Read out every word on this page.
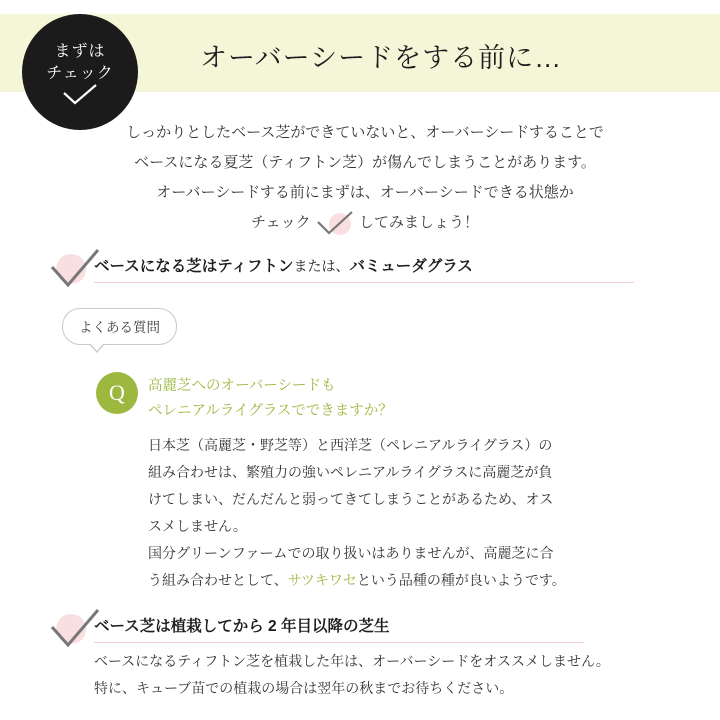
オーバーシードをする前に…
まずは
チェック
しっかりとしたベース芝ができていないと、オーバーシードすることで
ベースになる夏芝（ティフトン芝）が傷んでしまうことがあります。
オーバーシードする前にまずは、オーバーシードできる状態か
チェック	してみましょう！
ベースになる芝はティフトンまたは、バミューダグラス
よくある質問
Q	高麗芝へのオーバーシードも
ペレニアルライグラスでできますか？
日本芝（高麗芝・野芝等）と西洋芝（ペレニアルライグラス）の
組み合わせは、繁殖力の強いペレニアルライグラスに高麗芝が負
けてしまい、だんだんと弱ってきてしまうことがあるため、オス
スメしません。
国分グリーンファームでの取り扱いはありませんが、高麗芝に合
う組み合わせとして、サツキワセという品種の種が良いようです。
ベース芝は植栽してから 2 年目以降の芝生
ベースになるティフトン芝を植栽した年は、オーバーシードをオススメしません。
特に、キューブ苗での植栽の場合は翌年の秋までお待ちください。
